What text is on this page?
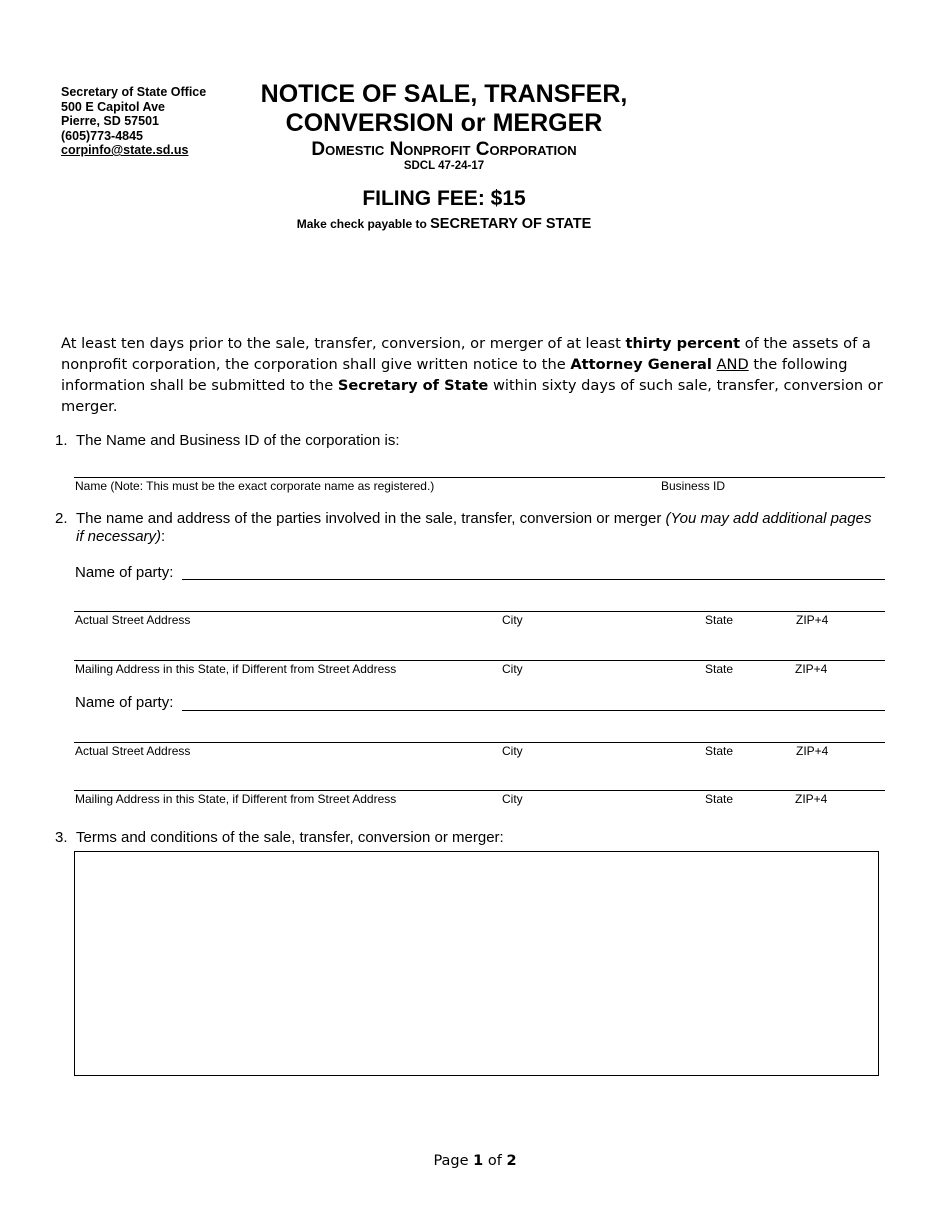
Secretary of State Office
500 E Capitol Ave
Pierre, SD 57501
(605)773-4845
corpinfo@state.sd.us
NOTICE OF SALE, TRANSFER,
CONVERSION or MERGER
Domestic Nonprofit Corporation
SDCL 47-24-17
FILING FEE: $15
Make check payable to SECRETARY OF STATE
At least ten days prior to the sale, transfer, conversion, or merger of at least thirty percent of the assets of a nonprofit corporation, the corporation shall give written notice to the Attorney General AND the following information shall be submitted to the Secretary of State within sixty days of such sale, transfer, conversion or merger.
1. The Name and Business ID of the corporation is:
Name (Note: This must be the exact corporate name as registered.)	Business ID
2. The name and address of the parties involved in the sale, transfer, conversion or merger (You may add additional pages if necessary):
Name of party:
Actual Street Address	City	State	ZIP+4
Mailing Address in this State, if Different from Street Address	City	State	ZIP+4
Name of party:
Actual Street Address	City	State	ZIP+4
Mailing Address in this State, if Different from Street Address	City	State	ZIP+4
3. Terms and conditions of the sale, transfer, conversion or merger:
Page 1 of 2
